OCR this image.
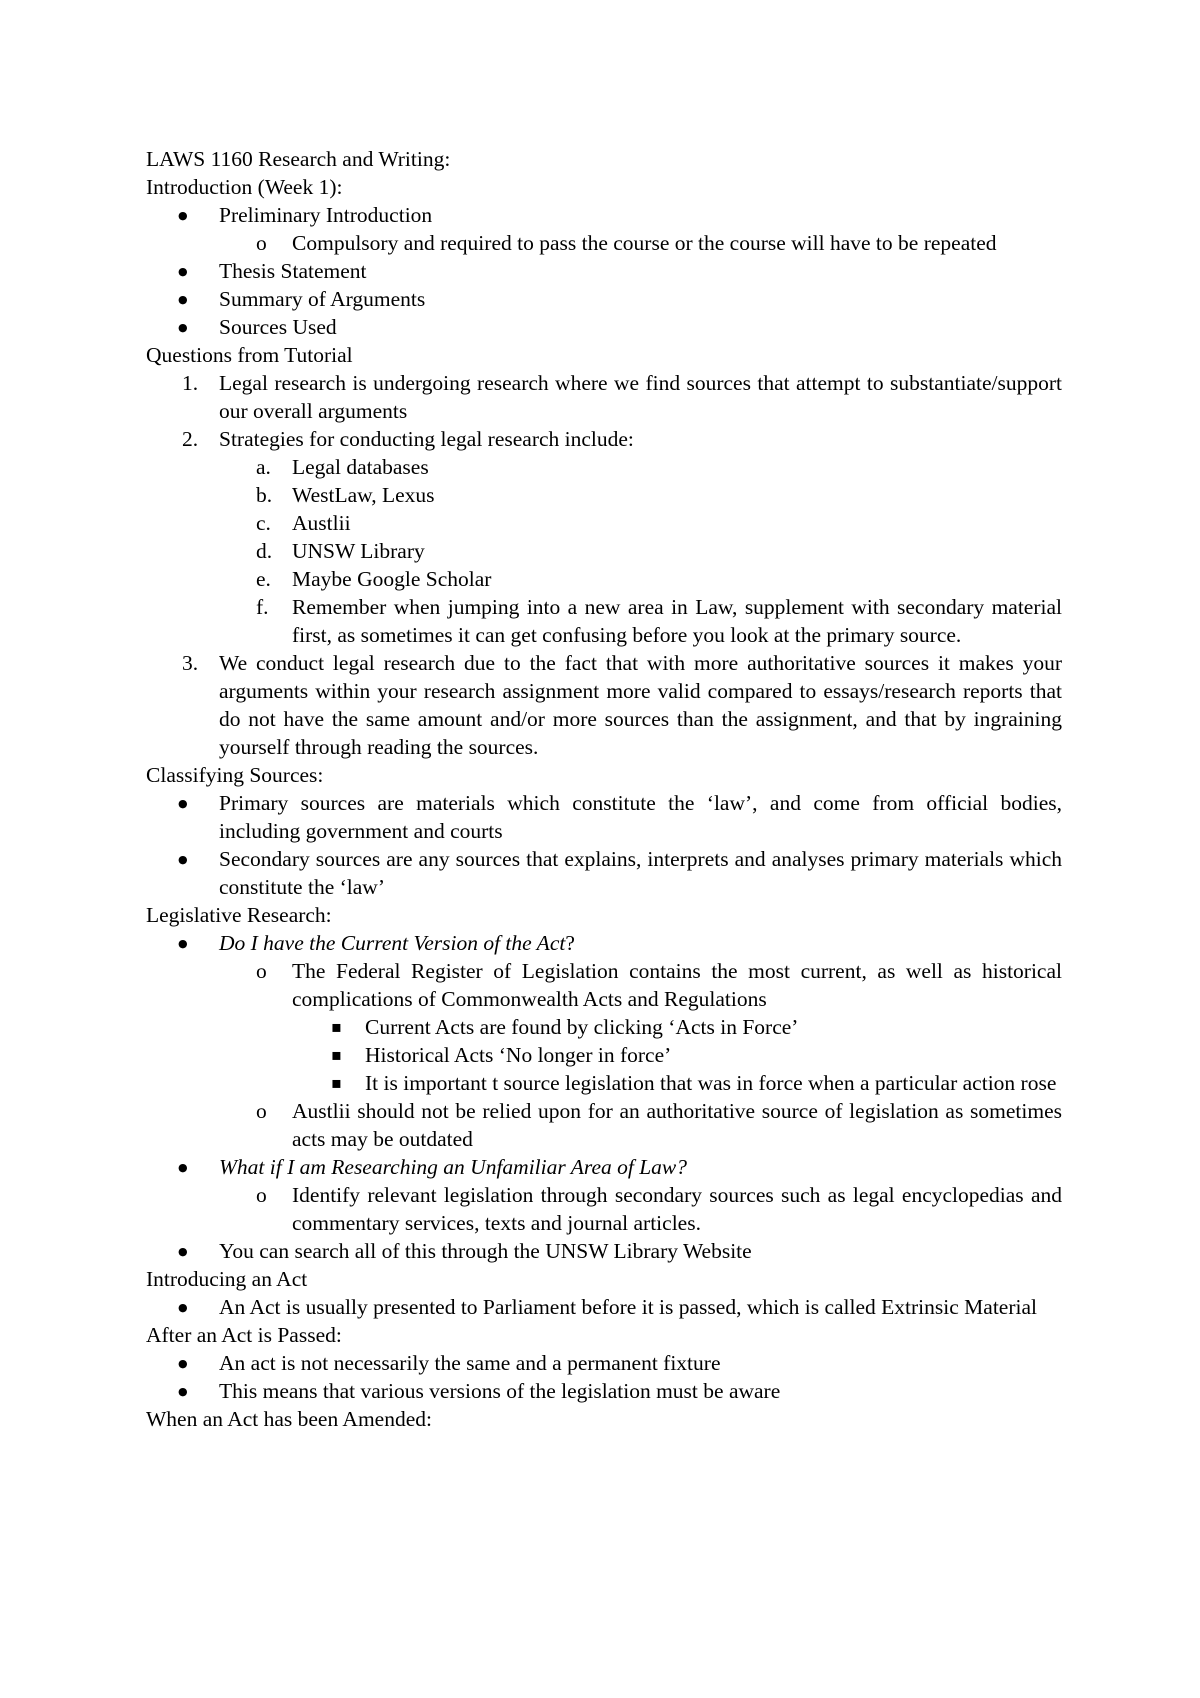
LAWS 1160 Research and Writing:

Introduction (Week 1):

●
Preliminary Introduction
o
Compulsory and required to pass the course or the course will have to be repeated
●
Thesis Statement
●
Summary of Arguments
●
Sources Used

Questions from Tutorial

1. Legal research is undergoing research where we find sources that attempt to substantiate/support our overall arguments
2. Strategies for conducting legal research include:
a. Legal databases
b. WestLaw, Lexus
c. Austlii
d. UNSW Library
e. Maybe Google Scholar
f. Remember when jumping into a new area in Law, supplement with secondary material first, as sometimes it can get confusing before you look at the primary source.
3. We conduct legal research due to the fact that with more authoritative sources it makes your arguments within your research assignment more valid compared to essays/research reports that do not have the same amount and/or more sources than the assignment, and that by ingraining yourself through reading the sources.

Classifying Sources:

●
Primary sources are materials which constitute the ‘law’, and come from official bodies, including government and courts
●
Secondary sources are any sources that explains, interprets and analyses primary materials which constitute the ‘law’

Legislative Research:

●
Do I have the Current Version of the Act?
o
The Federal Register of Legislation contains the most current, as well as historical complications of Commonwealth Acts and Regulations
▪
Current Acts are found by clicking ‘Acts in Force’
▪
Historical Acts ‘No longer in force’
▪
It is important t source legislation that was in force when a particular action rose
o
Austlii should not be relied upon for an authoritative source of legislation as sometimes acts may be outdated
●
What if I am Researching an Unfamiliar Area of Law?
o
Identify relevant legislation through secondary sources such as legal encyclopedias and commentary services, texts and journal articles.
●
You can search all of this through the UNSW Library Website

Introducing an Act

●
An Act is usually presented to Parliament before it is passed, which is called Extrinsic Material

After an Act is Passed:

●
An act is not necessarily the same and a permanent fixture
●
This means that various versions of the legislation must be aware

When an Act has been Amended:
